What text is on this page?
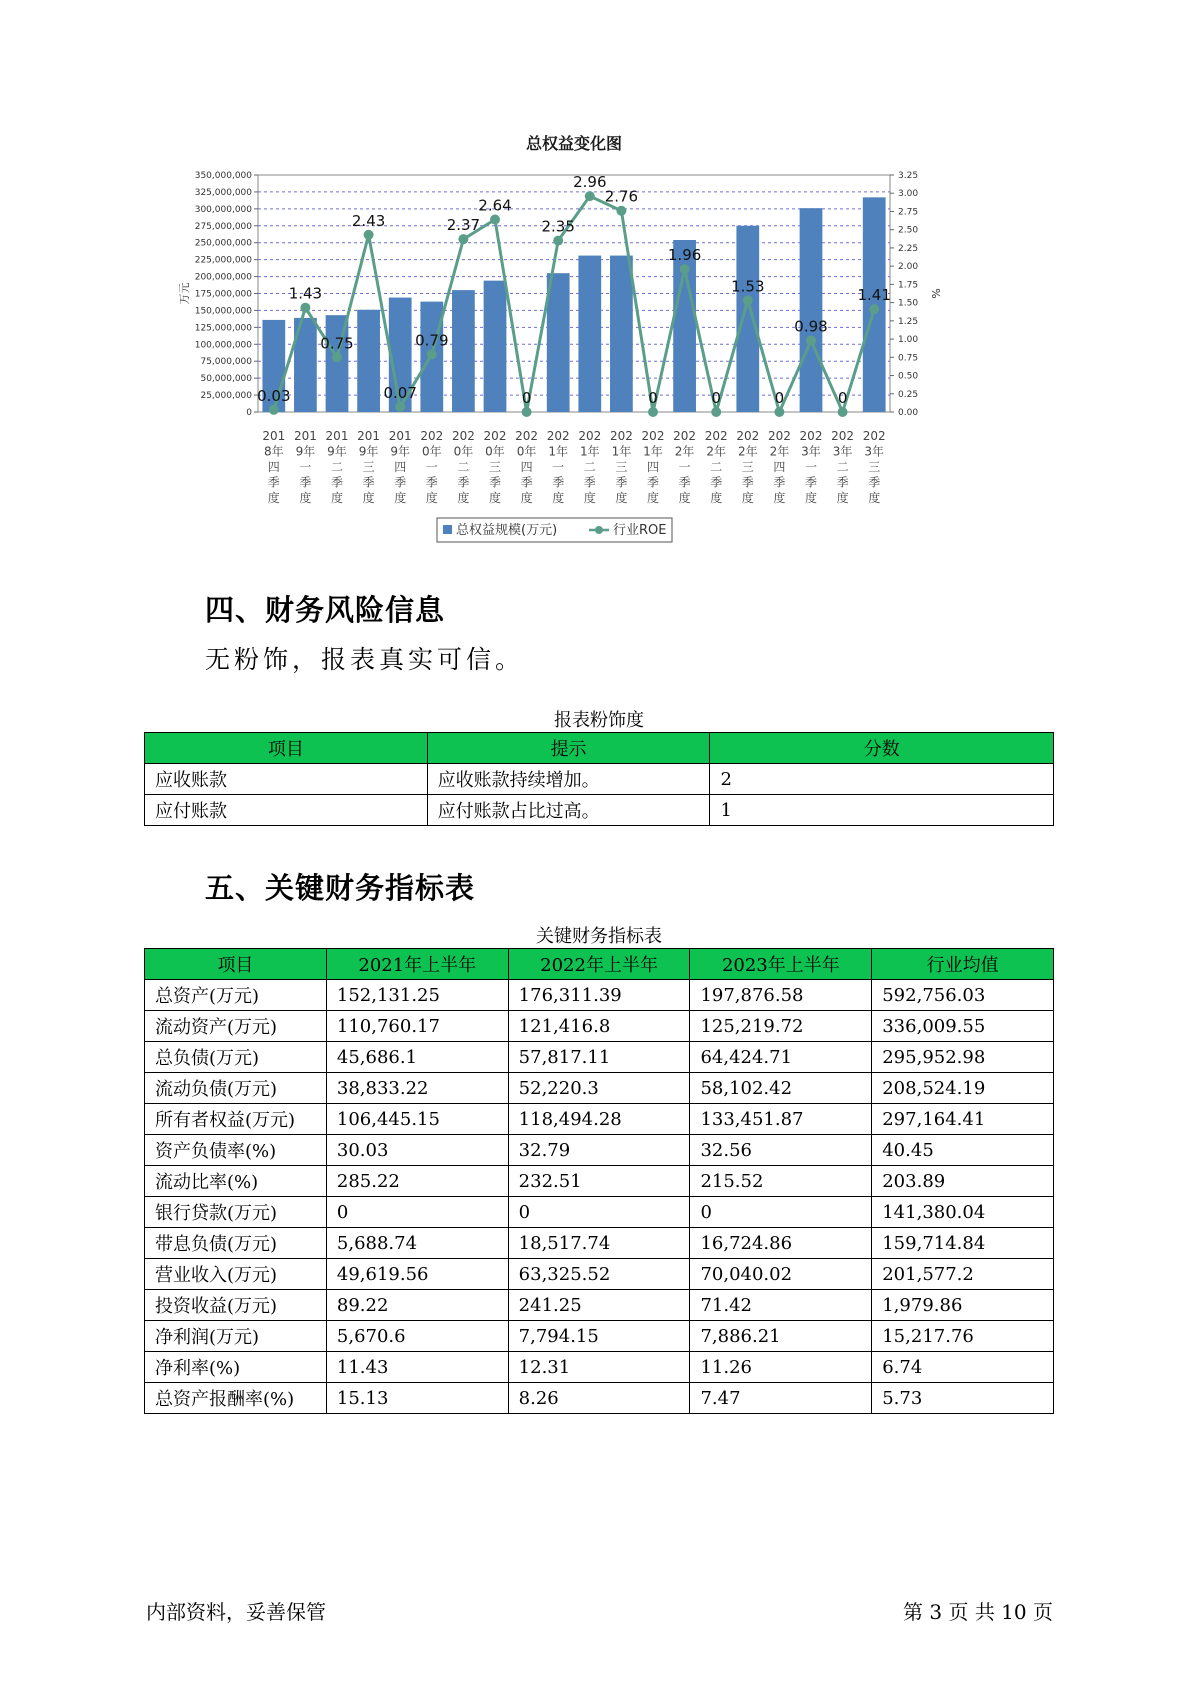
总权益变化图
0
25,000,000
50,000,000
75,000,000
100,000,000
125,000,000
150,000,000
175,000,000
200,000,000
225,000,000
250,000,000
275,000,000
300,000,000
325,000,000
350,000,000
0.00
0.25
0.50
0.75
1.00
1.25
1.50
1.75
2.00
2.25
2.50
2.75
3.00
3.25
万元	%
201 8年四季度
201 9年一季度
201 9年二季度
201 9年三季度
201 9年四季度
202 0年一季度
202 0年二季度
202 0年三季度
202 0年四季度
202 1年一季度
202 1年二季度
202 1年三季度
202 1年四季度
202 2年一季度
202 2年二季度
202 2年三季度
202 2年四季度
202 3年一季度
202 3年二季度
202 3年三季度
0.03
1.43
0.75
2.43
0.07
0.79
2.37
2.64
0
2.35
2.96
2.76
0
1.96
0
1.53
0
0.98
0
1.41
总权益规模(万元)	行业ROE
四、财务风险信息

无粉饰，报表真实可信。

报表粉饰度
项目	提示	分数
应收账款	应收账款持续增加。	2
应付账款	应付账款占比过高。	1
五、关键财务指标表
关键财务指标表
项目	2021年上半年	2022年上半年	2023年上半年	行业均值
总资产(万元)	152,131.25	176,311.39	197,876.58	592,756.03
流动资产(万元)	110,760.17	121,416.8	125,219.72	336,009.55
总负债(万元)	45,686.1	57,817.11	64,424.71	295,952.98
流动负债(万元)	38,833.22	52,220.3	58,102.42	208,524.19
所有者权益(万元)	106,445.15	118,494.28	133,451.87	297,164.41
资产负债率(%)	30.03	32.79	32.56	40.45
流动比率(%)	285.22	232.51	215.52	203.89
银行贷款(万元)	0	0	0	141,380.04
带息负债(万元)	5,688.74	18,517.74	16,724.86	159,714.84
营业收入(万元)	49,619.56	63,325.52	70,040.02	201,577.2
投资收益(万元)	89.22	241.25	71.42	1,979.86
净利润(万元)	5,670.6	7,794.15	7,886.21	15,217.76
净利率(%)	11.43	12.31	11.26	6.74
总资产报酬率(%)	15.13	8.26	7.47	5.73
内部资料，妥善保管	第 3 页 共 10 页
